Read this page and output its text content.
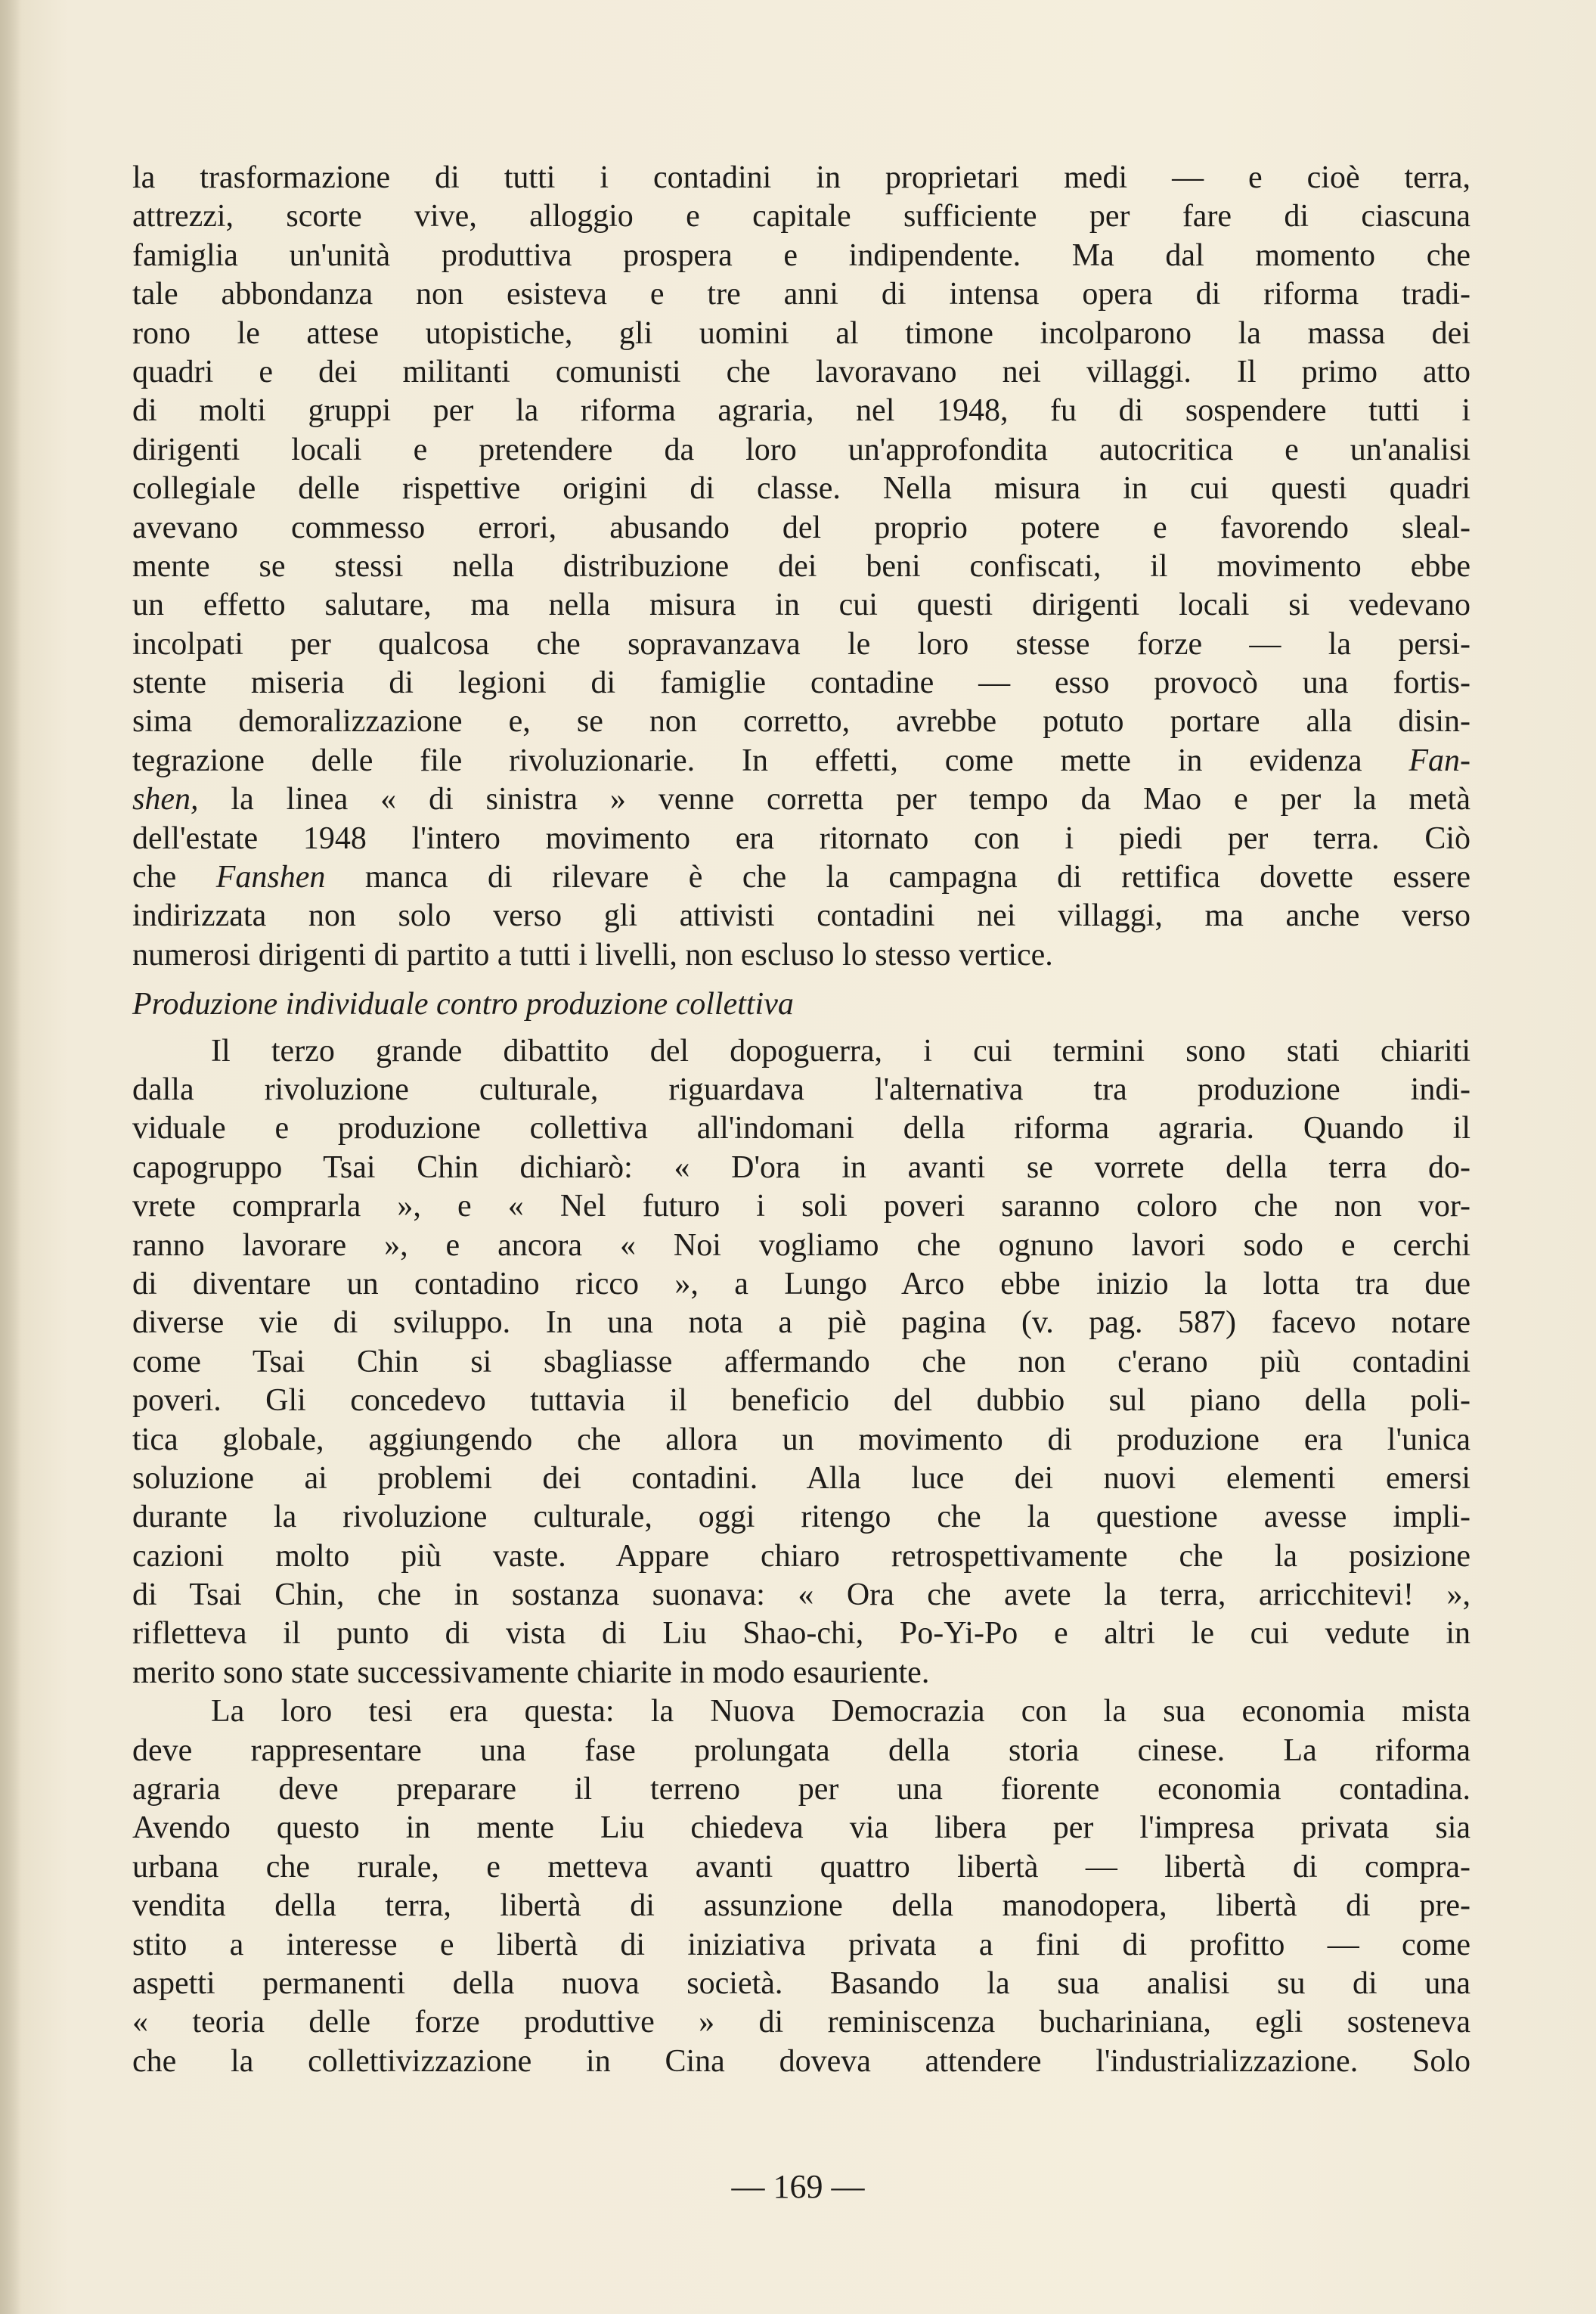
la trasformazione di tutti i contadini in proprietari medi — e cioè terra,
attrezzi, scorte vive, alloggio e capitale sufficiente per fare di ciascuna
famiglia un'unità produttiva prospera e indipendente. Ma dal momento che
tale abbondanza non esisteva e tre anni di intensa opera di riforma tradi-
rono le attese utopistiche, gli uomini al timone incolparono la massa dei
quadri e dei militanti comunisti che lavoravano nei villaggi. Il primo atto
di molti gruppi per la riforma agraria, nel 1948, fu di sospendere tutti i
dirigenti locali e pretendere da loro un'approfondita autocritica e un'analisi
collegiale delle rispettive origini di classe. Nella misura in cui questi quadri
avevano commesso errori, abusando del proprio potere e favorendo sleal-
mente se stessi nella distribuzione dei beni confiscati, il movimento ebbe
un effetto salutare, ma nella misura in cui questi dirigenti locali si vedevano
incolpati per qualcosa che sopravanzava le loro stesse forze — la persi-
stente miseria di legioni di famiglie contadine — esso provocò una fortis-
sima demoralizzazione e, se non corretto, avrebbe potuto portare alla disin-
tegrazione delle file rivoluzionarie. In effetti, come mette in evidenza Fan-
shen, la linea « di sinistra » venne corretta per tempo da Mao e per la metà
dell'estate 1948 l'intero movimento era ritornato con i piedi per terra. Ciò
che Fanshen manca di rilevare è che la campagna di rettifica dovette essere
indirizzata non solo verso gli attivisti contadini nei villaggi, ma anche verso
numerosi dirigenti di partito a tutti i livelli, non escluso lo stesso vertice.
Produzione individuale contro produzione collettiva
Il terzo grande dibattito del dopoguerra, i cui termini sono stati chiariti
dalla rivoluzione culturale, riguardava l'alternativa tra produzione indi-
viduale e produzione collettiva all'indomani della riforma agraria. Quando il
capogruppo Tsai Chin dichiarò: « D'ora in avanti se vorrete della terra do-
vrete comprarla », e « Nel futuro i soli poveri saranno coloro che non vor-
ranno lavorare », e ancora « Noi vogliamo che ognuno lavori sodo e cerchi
di diventare un contadino ricco », a Lungo Arco ebbe inizio la lotta tra due
diverse vie di sviluppo. In una nota a piè pagina (v. pag. 587) facevo notare
come Tsai Chin si sbagliasse affermando che non c'erano più contadini
poveri. Gli concedevo tuttavia il beneficio del dubbio sul piano della poli-
tica globale, aggiungendo che allora un movimento di produzione era l'unica
soluzione ai problemi dei contadini. Alla luce dei nuovi elementi emersi
durante la rivoluzione culturale, oggi ritengo che la questione avesse impli-
cazioni molto più vaste. Appare chiaro retrospettivamente che la posizione
di Tsai Chin, che in sostanza suonava: « Ora che avete la terra, arricchitevi! »,
rifletteva il punto di vista di Liu Shao-chi, Po-Yi-Po e altri le cui vedute in
merito sono state successivamente chiarite in modo esauriente.
La loro tesi era questa: la Nuova Democrazia con la sua economia mista
deve rappresentare una fase prolungata della storia cinese. La riforma
agraria deve preparare il terreno per una fiorente economia contadina.
Avendo questo in mente Liu chiedeva via libera per l'impresa privata sia
urbana che rurale, e metteva avanti quattro libertà — libertà di compra-
vendita della terra, libertà di assunzione della manodopera, libertà di pre-
stito a interesse e libertà di iniziativa privata a fini di profitto — come
aspetti permanenti della nuova società. Basando la sua analisi su di una
« teoria delle forze produttive » di reminiscenza buchariniana, egli sosteneva
che la collettivizzazione in Cina doveva attendere l'industrializzazione. Solo
— 169 —
